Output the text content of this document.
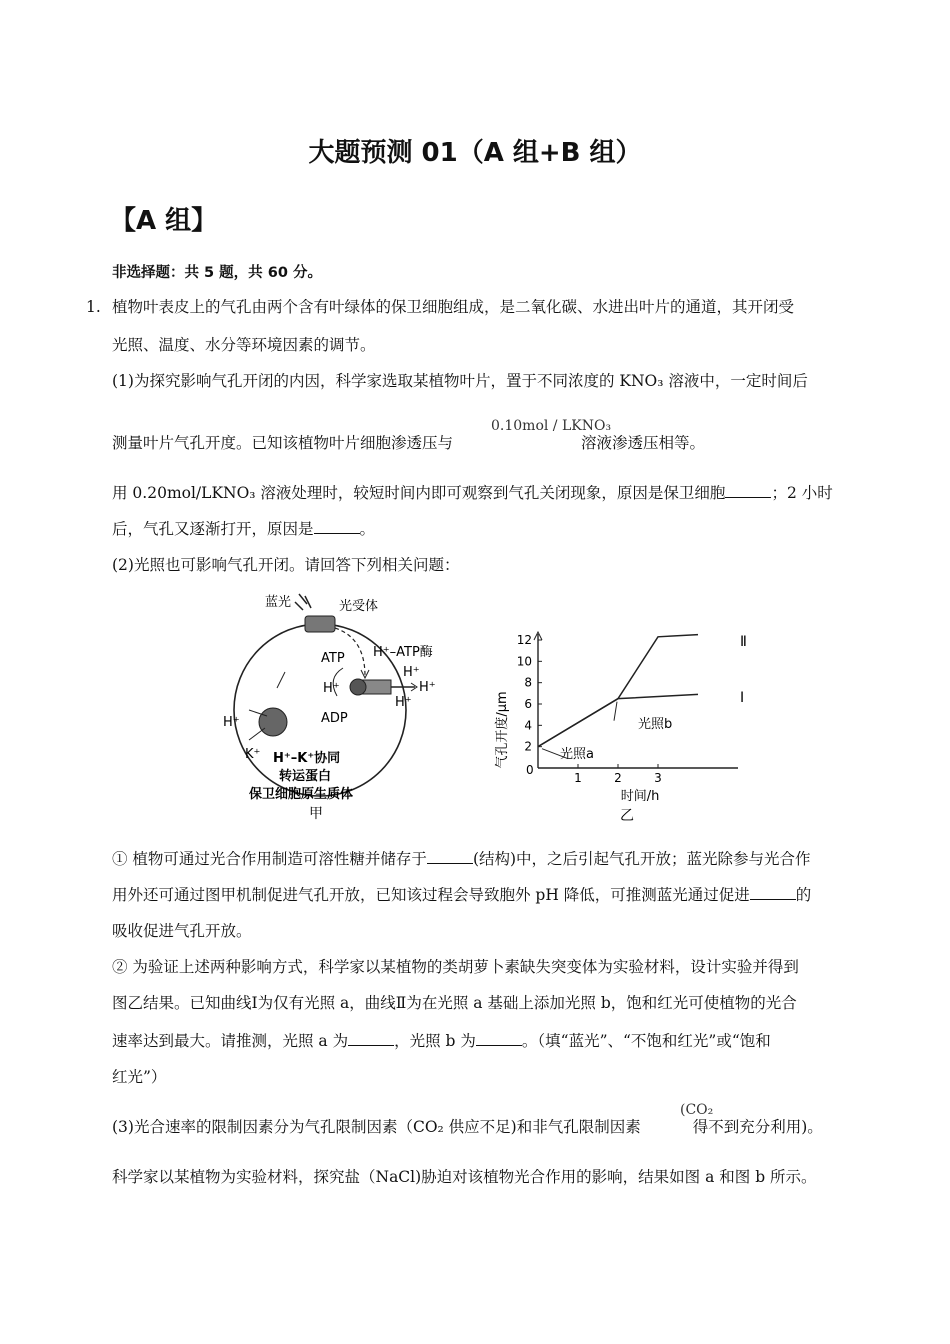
大题预测 01（A 组+B 组）
【A 组】
非选择题：共 5 题，共 60 分。
1. 植物叶表皮上的气孔由两个含有叶绿体的保卫细胞组成，是二氧化碳、水进出叶片的通道，其开闭受
光照、温度、水分等环境因素的调节。
(1)为探究影响气孔开闭的内因，科学家选取某植物叶片，置于不同浓度的 KNO₃ 溶液中，一定时间后
测量叶片气孔开度。已知该植物叶片细胞渗透压与	溶液渗透压相等。
0.10mol / LKNO₃
用 0.20mol/LKNO₃ 溶液处理时，较短时间内即可观察到气孔关闭现象，原因是保卫细胞	；2 小时
后，气孔又逐渐打开，原因是	。
(2)光照也可影响气孔开闭。请回答下列相关问题：
蓝光	光受体
H⁺–ATP酶
ATP
H⁺
ADP
H⁺
H⁺
H⁺
H⁺
K⁺ H⁺–K⁺协同
转运蛋白
保卫细胞原生质体
甲
2
4
6
8
10
12
1	2	3
气孔开度/μm
时间/h
乙
光照a
光照b
Ⅱ
Ⅰ
0
① 植物可通过光合作用制造可溶性糖并储存于	(结构)中，之后引起气孔开放；蓝光除参与光合作
用外还可通过图甲机制促进气孔开放，已知该过程会导致胞外 pH 降低，可推测蓝光通过促进	的
吸收促进气孔开放。
② 为验证上述两种影响方式，科学家以某植物的类胡萝卜素缺失突变体为实验材料，设计实验并得到
图乙结果。已知曲线Ⅰ为仅有光照 a，曲线Ⅱ为在光照 a 基础上添加光照 b，饱和红光可使植物的光合
速率达到最大。请推测，光照 a 为	，光照 b 为	。（填“蓝光”、“不饱和红光”或“饱和
红光”）
(3)光合速率的限制因素分为气孔限制因素（CO₂ 供应不足)和非气孔限制因素	得不到充分利用)。
(CO₂
科学家以某植物为实验材料，探究盐（NaCl)胁迫对该植物光合作用的影响，结果如图 a 和图 b 所示。
